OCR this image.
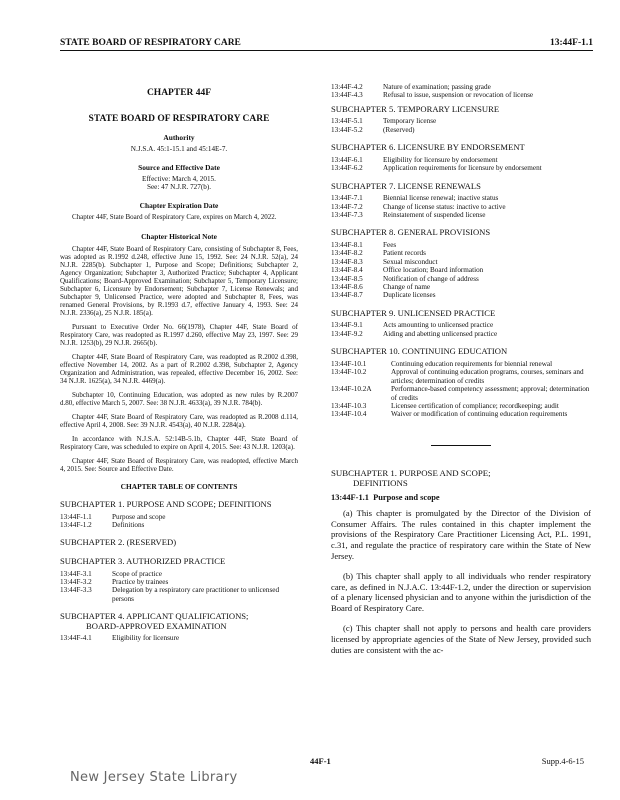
STATE BOARD OF RESPIRATORY CARE	13:44F-1.1
CHAPTER 44F
STATE BOARD OF RESPIRATORY CARE
Authority
N.J.S.A. 45:1-15.1 and 45:14E-7.
Source and Effective Date
Effective: March 4, 2015.
See: 47 N.J.R. 727(b).
Chapter Expiration Date

Chapter 44F, State Board of Respiratory Care, expires on March 4, 2022.

Chapter Historical Note

Chapter 44F, State Board of Respiratory Care, consisting of Subchapter 8, Fees, was adopted as R.1992 d.248, effective June 15, 1992. See: 24 N.J.R. 52(a), 24 N.J.R. 2285(b). Subchapter 1, Purpose and Scope; Definitions; Subchapter 2, Agency Organization; Subchapter 3, Authorized Practice; Subchapter 4, Applicant Qualifications; Board-Approved Examination; Subchapter 5, Temporary Licensure; Subchapter 6, Licensure by Endorsement; Subchapter 7, License Renewals; and Subchapter 9, Unlicensed Practice, were adopted and Subchapter 8, Fees, was renamed General Provisions, by R.1993 d.7, effective January 4, 1993. See: 24 N.J.R. 2336(a), 25 N.J.R. 185(a).

Pursuant to Executive Order No. 66(1978), Chapter 44F, State Board of Respiratory Care, was readopted as R.1997 d.260, effective May 23, 1997. See: 29 N.J.R. 1253(b), 29 N.J.R. 2665(b).

Chapter 44F, State Board of Respiratory Care, was readopted as R.2002 d.398, effective November 14, 2002. As a part of R.2002 d.398, Subchapter 2, Agency Organization and Administration, was repealed, effective December 16, 2002. See: 34 N.J.R. 1625(a), 34 N.J.R. 4469(a).

Subchapter 10, Continuing Education, was adopted as new rules by R.2007 d.80, effective March 5, 2007. See: 38 N.J.R. 4633(a), 39 N.J.R. 784(b).

Chapter 44F, State Board of Respiratory Care, was readopted as R.2008 d.114, effective April 4, 2008. See: 39 N.J.R. 4543(a), 40 N.J.R. 2284(a).

In accordance with N.J.S.A. 52:14B-5.1b, Chapter 44F, State Board of Respiratory Care, was scheduled to expire on April 4, 2015. See: 43 N.J.R. 1203(a).

Chapter 44F, State Board of Respiratory Care, was readopted, effective March 4, 2015. See: Source and Effective Date.

CHAPTER TABLE OF CONTENTS
SUBCHAPTER 1. PURPOSE AND SCOPE; DEFINITIONS
13:44F-1.1	Purpose and scope
13:44F-1.2	Definitions
SUBCHAPTER 2. (RESERVED)
SUBCHAPTER 3. AUTHORIZED PRACTICE
13:44F-3.1	Scope of practice
13:44F-3.2	Practice by trainees
13:44F-3.3	Delegation by a respiratory care practitioner to unlicensed persons
SUBCHAPTER 4. APPLICANT QUALIFICATIONS;
BOARD-APPROVED EXAMINATION
13:44F-4.1	Eligibility for licensure
13:44F-4.2	Nature of examination; passing grade
13:44F-4.3	Refusal to issue, suspension or revocation of license
SUBCHAPTER 5. TEMPORARY LICENSURE
13:44F-5.1	Temporary license
13:44F-5.2	(Reserved)
SUBCHAPTER 6. LICENSURE BY ENDORSEMENT
13:44F-6.1	Eligibility for licensure by endorsement
13:44F-6.2	Application requirements for licensure by endorsement
SUBCHAPTER 7. LICENSE RENEWALS
13:44F-7.1	Biennial license renewal; inactive status
13:44F-7.2	Change of license status: inactive to active
13:44F-7.3	Reinstatement of suspended license
SUBCHAPTER 8. GENERAL PROVISIONS
13:44F-8.1	Fees
13:44F-8.2	Patient records
13:44F-8.3	Sexual misconduct
13:44F-8.4	Office location; Board information
13:44F-8.5	Notification of change of address
13:44F-8.6	Change of name
13:44F-8.7	Duplicate licenses
SUBCHAPTER 9. UNLICENSED PRACTICE
13:44F-9.1	Acts amounting to unlicensed practice
13:44F-9.2	Aiding and abetting unlicensed practice
SUBCHAPTER 10. CONTINUING EDUCATION
13:44F-10.1	Continuing education requirements for biennial renewal
13:44F-10.2	Approval of continuing education programs, courses, seminars and articles; determination of credits
13:44F-10.2A	Performance-based competency assessment; approval; determination of credits
13:44F-10.3	Licensee certification of compliance; recordkeeping; audit
13:44F-10.4	Waiver or modification of continuing education requirements
SUBCHAPTER 1. PURPOSE AND SCOPE;
DEFINITIONS
13:44F-1.1 Purpose and scope

(a) This chapter is promulgated by the Director of the Division of Consumer Affairs. The rules contained in this chapter implement the provisions of the Respiratory Care Practitioner Licensing Act, P.L. 1991, c.31, and regulate the practice of respiratory care within the State of New Jersey.

(b) This chapter shall apply to all individuals who render respiratory care, as defined in N.J.A.C. 13:44F-1.2, under the direction or supervision of a plenary licensed physician and to anyone within the jurisdiction of the Board of Respiratory Care.

(c) This chapter shall not apply to persons and health care providers licensed by appropriate agencies of the State of New Jersey, provided such duties are consistent with the ac-

44F-1	Supp.4-6-15
New Jersey State Library
